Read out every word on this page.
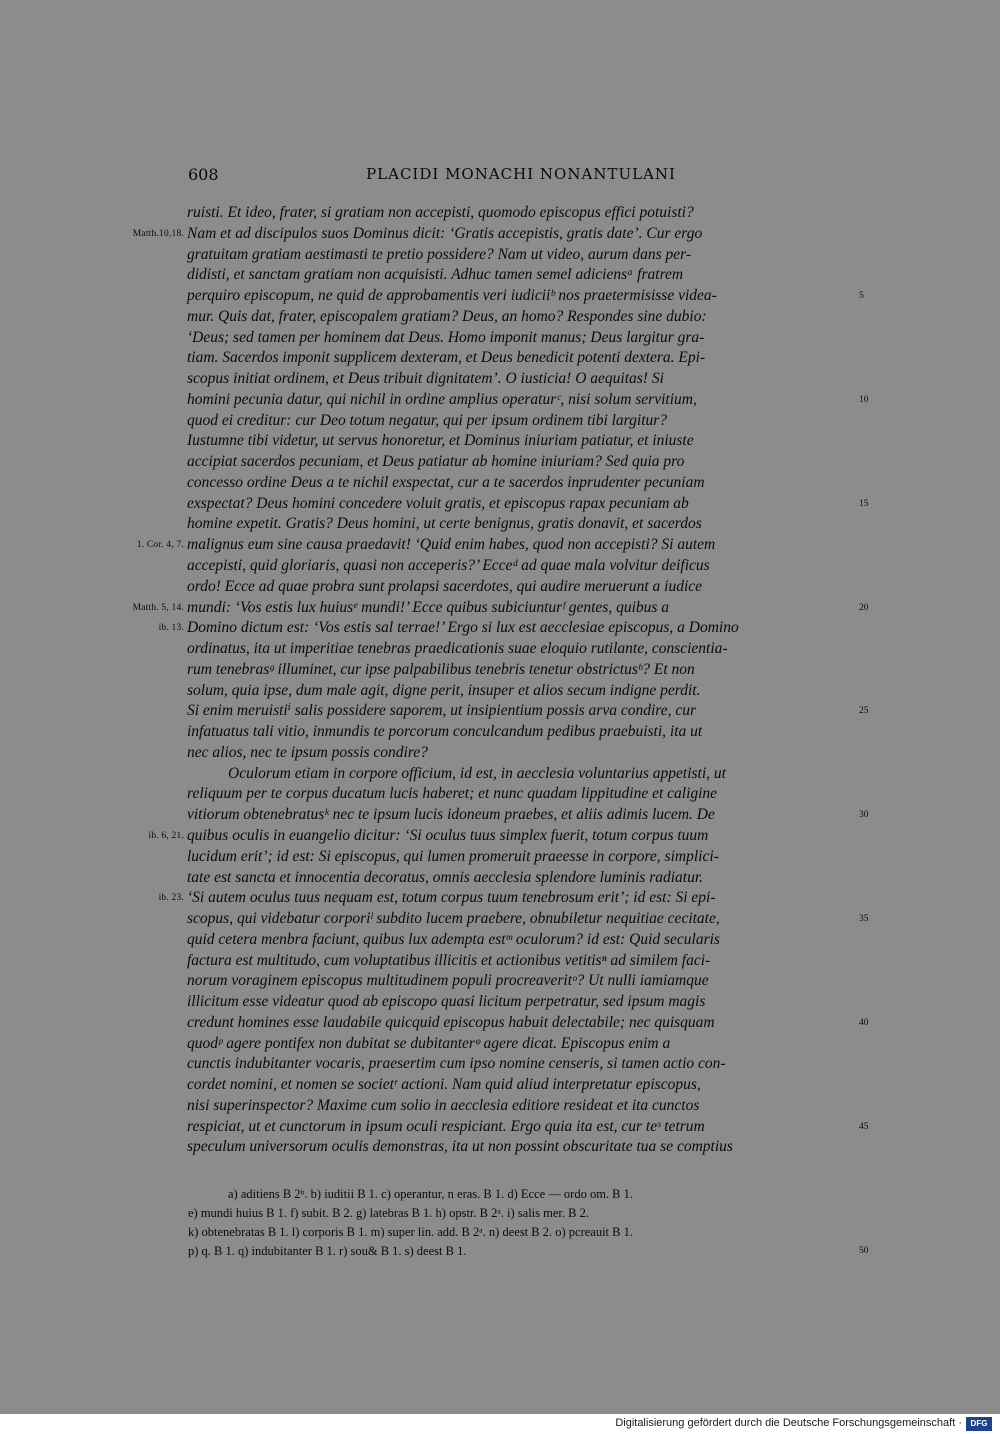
608	PLACIDI MONACHI NONANTULANI
ruisti. Et ideo, frater, si gratiam non accepisti, quomodo episcopus effici potuisti?
Matth.10,18. Nam et ad discipulos suos Dominus dicit: ‘Gratis accepistis, gratis date’. Cur ergo
gratuitam gratiam aestimasti te pretio possidere? Nam ut video, aurum dans per-
didisti, et sanctam gratiam non acquisisti. Adhuc tamen semel adiciensᵃ fratrem
perquiro episcopum, ne quid de approbamentis veri iudiciiᵇ nos praetermisisse videa-	5
mur. Quis dat, frater, episcopalem gratiam? Deus, an homo? Respondes sine dubio:
‘Deus; sed tamen per hominem dat Deus. Homo imponit manus; Deus largitur gra-
tiam. Sacerdos imponit supplicem dexteram, et Deus benedicit potenti dextera. Epi-
scopus initiat ordinem, et Deus tribuit dignitatem’. O iusticia! O aequitas! Si
homini pecunia datur, qui nichil in ordine amplius operaturᶜ, nisi solum servitium,	10
quod ei creditur: cur Deo totum negatur, qui per ipsum ordinem tibi largitur?
Iustumne tibi videtur, ut servus honoretur, et Dominus iniuriam patiatur, et iniuste
accipiat sacerdos pecuniam, et Deus patiatur ab homine iniuriam? Sed quia pro
concesso ordine Deus a te nichil exspectat, cur a te sacerdos inprudenter pecuniam
exspectat? Deus homini concedere voluit gratis, et episcopus rapax pecuniam ab	15
homine expetit. Gratis? Deus homini, ut certe benignus, gratis donavit, et sacerdos
1. Cor. 4, 7. malignus eum sine causa praedavit! ‘Quid enim habes, quod non accepisti? Si autem
accepisti, quid gloriaris, quasi non acceperis?’ Ecceᵈ ad quae mala volvitur deificus
ordo! Ecce ad quae probra sunt prolapsi sacerdotes, qui audire meruerunt a iudice
Matth. 5, 14. mundi: ‘Vos estis lux huiusᵉ mundi!’ Ecce quibus subiciunturᶠ gentes, quibus a	20
ib. 13. Domino dictum est: ‘Vos estis sal terrae!’ Ergo si lux est aecclesiae episcopus, a Domino
ordinatus, ita ut imperitiae tenebras praedicationis suae eloquio rutilante, conscientia-
rum tenebrasᵍ illuminet, cur ipse palpabilibus tenebris tenetur obstrictusʰ? Et non
solum, quia ipse, dum male agit, digne perit, insuper et alios secum indigne perdit.
Si enim meruistiⁱ salis possidere saporem, ut insipientium possis arva condire, cur	25
infatuatus tali vitio, inmundis te porcorum conculcandum pedibus praebuisti, ita ut
nec alios, nec te ipsum possis condire?
Oculorum etiam in corpore officium, id est, in aecclesia voluntarius appetisti, ut
reliquum per te corpus ducatum lucis haberet; et nunc quadam lippitudine et caligine
vitiorum obtenebratusᵏ nec te ipsum lucis idoneum praebes, et aliis adimis lucem. De	30
ib. 6, 21. quibus oculis in euangelio dicitur: ‘Si oculus tuus simplex fuerit, totum corpus tuum
lucidum erit’; id est: Si episcopus, qui lumen promeruit praeesse in corpore, simplici-
tate est sancta et innocentia decoratus, omnis aecclesia splendore luminis radiatur.
ib. 23. ‘Si autem oculus tuus nequam est, totum corpus tuum tenebrosum erit’; id est: Si epi-
scopus, qui videbatur corporiˡ subdito lucem praebere, obnubiletur nequitiae cecitate,	35
quid cetera menbra faciunt, quibus lux adempta estᵐ oculorum? id est: Quid secularis
factura est multitudo, cum voluptatibus illicitis et actionibus vetitisⁿ ad similem faci-
norum voraginem episcopus multitudinem populi procreaveritᵒ? Ut nulli iamiamque
illicitum esse videatur quod ab episcopo quasi licitum perpetratur, sed ipsum magis
credunt homines esse laudabile quicquid episcopus habuit delectabile; nec quisquam	40
quodᵖ agere pontifex non dubitat se dubitanterᵠ agere dicat. Episcopus enim a
cunctis indubitanter vocaris, praesertim cum ipso nomine censeris, si tamen actio con-
cordet nomini, et nomen se societʳ actioni. Nam quid aliud interpretatur episcopus,
nisi superinspector? Maxime cum solio in aecclesia editiore resideat et ita cunctos
respiciat, ut et cunctorum in ipsum oculi respiciant. Ergo quia ita est, cur teˢ tetrum	45
speculum universorum oculis demonstras, ita ut non possint obscuritate tua se comptius
a) aditiens B 2ᵇ. b) iuditii B 1. c) operantur, n eras. B 1. d) Ecce — ordo om. B 1.
e) mundi huius B 1. f) subit. B 2. g) latebras B 1. h) opstr. B 2ᵃ. i) salis mer. B 2.
k) obtenebratas B 1. l) corporis B 1. m) super lin. add. B 2ᵃ. n) deest B 2. o) pcreauit B 1.
p) q. B 1. q) indubitanter B 1. r) sou& B 1. s) deest B 1.	50
Digitalisierung gefördert durch die Deutsche Forschungsgemeinschaft ·	DFG
